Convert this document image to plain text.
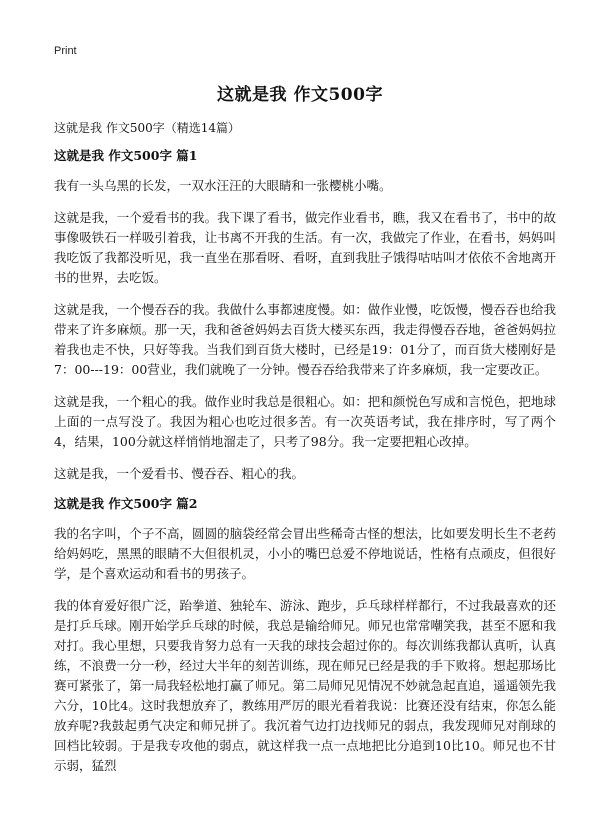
Print
这就是我 作文500字

这就是我 作文500字（精选14篇）

这就是我 作文500字 篇1

我有一头乌黑的长发，一双水汪汪的大眼睛和一张樱桃小嘴。

这就是我，一个爱看书的我。我下课了看书，做完作业看书，瞧，我又在看书了，书中的故事像吸铁石一样吸引着我，让书离不开我的生活。有一次，我做完了作业，在看书，妈妈叫我吃饭了我都没听见，我一直坐在那看呀、看呀，直到我肚子饿得咕咕叫才依依不舍地离开书的世界，去吃饭。

这就是我，一个慢吞吞的我。我做什么事都速度慢。如：做作业慢，吃饭慢，慢吞吞也给我带来了许多麻烦。那一天，我和爸爸妈妈去百货大楼买东西，我走得慢吞吞地，爸爸妈妈拉着我也走不快，只好等我。当我们到百货大楼时，已经是19：01分了，而百货大楼刚好是7：00---19：00营业，我们就晚了一分钟。慢吞吞给我带来了许多麻烦，我一定要改正。

这就是我，一个粗心的我。做作业时我总是很粗心。如：把和颜悦色写成和言悦色，把地球上面的一点写没了。我因为粗心也吃过很多苦。有一次英语考试，我在排序时，写了两个4，结果，100分就这样悄悄地溜走了，只考了98分。我一定要把粗心改掉。

这就是我，一个爱看书、慢吞吞、粗心的我。

这就是我 作文500字 篇2

我的名字叫，个子不高，圆圆的脑袋经常会冒出些稀奇古怪的想法，比如要发明长生不老药给妈妈吃，黑黑的眼睛不大但很机灵，小小的嘴巴总爱不停地说话，性格有点顽皮，但很好学，是个喜欢运动和看书的男孩子。

我的体育爱好很广泛，跆拳道、独轮车、游泳、跑步，乒乓球样样都行，不过我最喜欢的还是打乒乓球。刚开始学乒乓球的时候，我总是输给师兄。师兄也常常嘲笑我，甚至不愿和我对打。我心里想，只要我肯努力总有一天我的球技会超过你的。每次训练我都认真听，认真练，不浪费一分一秒，经过大半年的刻苦训练，现在师兄已经是我的手下败将。想起那场比赛可紧张了，第一局我轻松地打赢了师兄。第二局师兄见情况不妙就急起直追，遥遥领先我六分，10比4。这时我想放弃了，教练用严厉的眼光看着我说：比赛还没有结束，你怎么能放弃呢?我鼓起勇气决定和师兄拼了。我沉着气边打边找师兄的弱点，我发现师兄对削球的回档比较弱。于是我专攻他的弱点，就这样我一点一点地把比分追到10比10。师兄也不甘示弱，猛烈
